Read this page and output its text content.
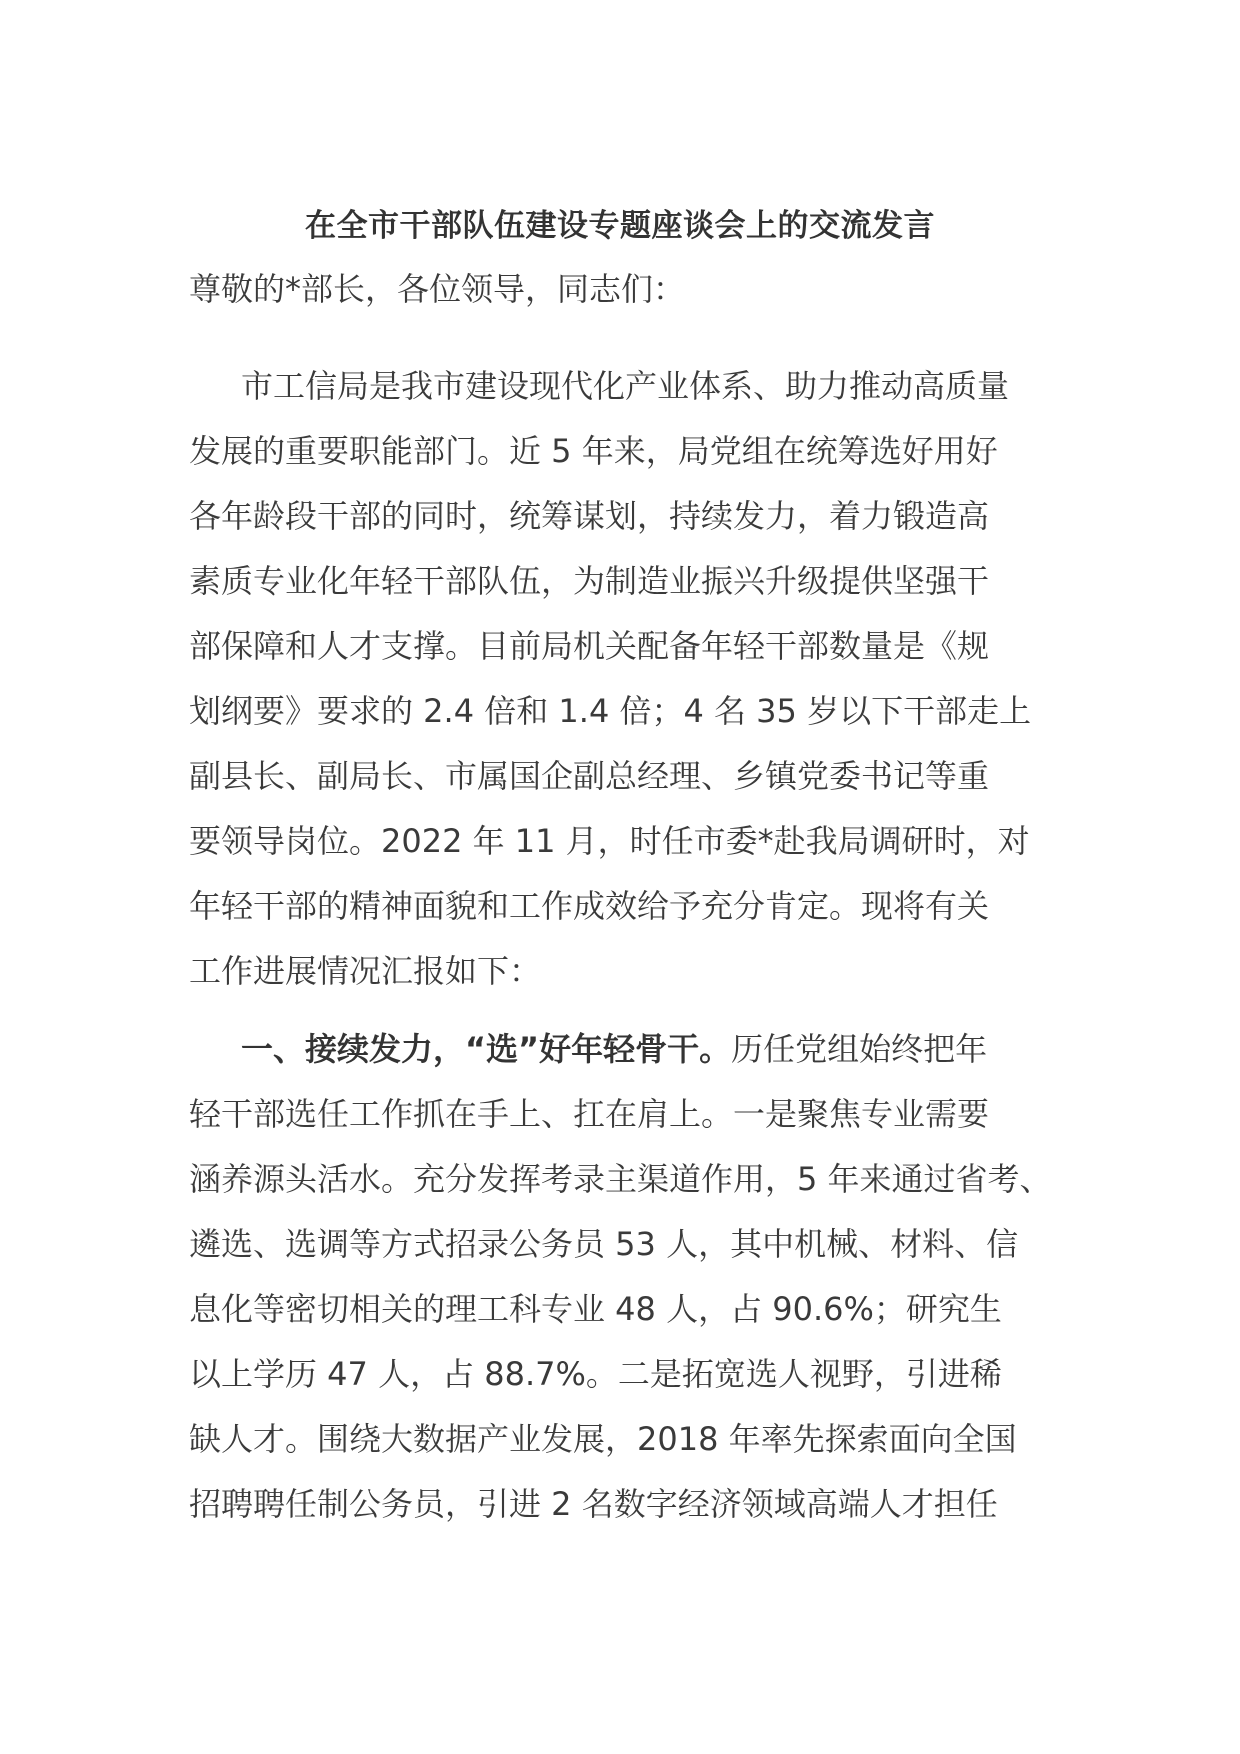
在全市干部队伍建设专题座谈会上的交流发言
尊敬的*部长，各位领导，同志们：
市工信局是我市建设现代化产业体系、助力推动高质量
发展的重要职能部门。近 5 年来，局党组在统筹选好用好
各年龄段干部的同时，统筹谋划，持续发力，着力锻造高
素质专业化年轻干部队伍，为制造业振兴升级提供坚强干
部保障和人才支撑。目前局机关配备年轻干部数量是《规
划纲要》要求的 2.4 倍和 1.4 倍；4 名 35 岁以下干部走上
副县长、副局长、市属国企副总经理、乡镇党委书记等重
要领导岗位。2022 年 11 月，时任市委*赴我局调研时，对
年轻干部的精神面貌和工作成效给予充分肯定。现将有关
工作进展情况汇报如下：
一、接续发力，“选”好年轻骨干。历任党组始终把年
轻干部选任工作抓在手上、扛在肩上。一是聚焦专业需要
涵养源头活水。充分发挥考录主渠道作用，5 年来通过省考、
遴选、选调等方式招录公务员 53 人，其中机械、材料、信
息化等密切相关的理工科专业 48 人，占 90.6%；研究生
以上学历 47 人，占 88.7%。二是拓宽选人视野，引进稀
缺人才。围绕大数据产业发展，2018 年率先探索面向全国
招聘聘任制公务员，引进 2 名数字经济领域高端人才担任
